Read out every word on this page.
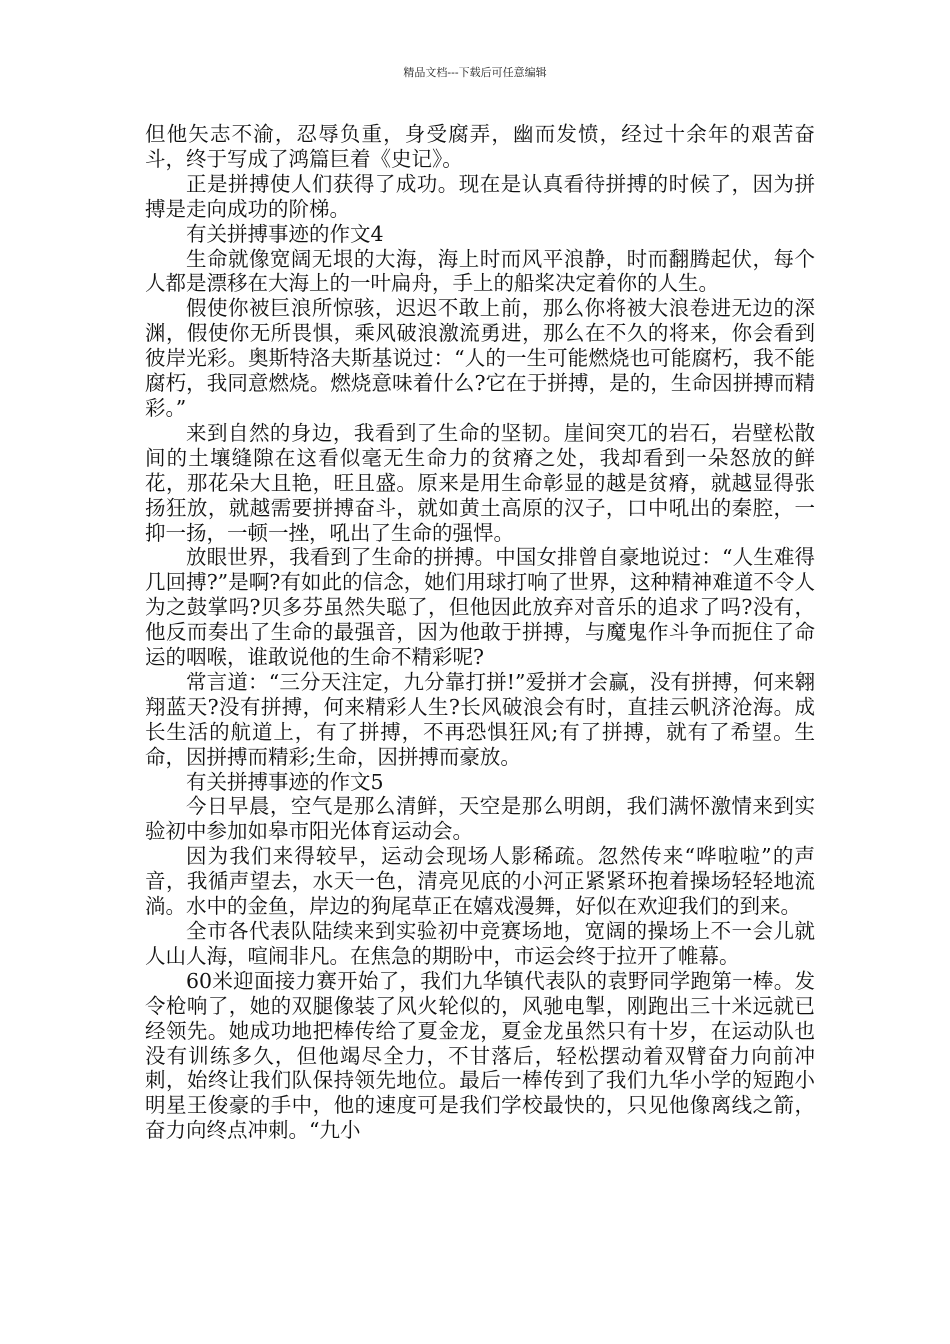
精品文档---下载后可任意编辑

但他矢志不渝，忍辱负重，身受腐弄，幽而发愤，经过十余年的艰苦奋斗，终于写成了鸿篇巨着《史记》。

正是拼搏使人们获得了成功。现在是认真看待拼搏的时候了，因为拼搏是走向成功的阶梯。

有关拼搏事迹的作文4

生命就像宽阔无垠的大海，海上时而风平浪静，时而翻腾起伏，每个人都是漂移在大海上的一叶扁舟，手上的船桨决定着你的人生。

假使你被巨浪所惊骇，迟迟不敢上前，那么你将被大浪卷进无边的深渊，假使你无所畏惧，乘风破浪激流勇进，那么在不久的将来，你会看到彼岸光彩。奥斯特洛夫斯基说过：“人的一生可能燃烧也可能腐朽，我不能腐朽，我同意燃烧。燃烧意味着什么?它在于拼搏，是的，生命因拼搏而精彩。”

来到自然的身边，我看到了生命的坚韧。崖间突兀的岩石，岩壁松散间的土壤缝隙在这看似毫无生命力的贫瘠之处，我却看到一朵怒放的鲜花，那花朵大且艳，旺且盛。原来是用生命彰显的越是贫瘠，就越显得张扬狂放，就越需要拼搏奋斗，就如黄土高原的汉子，口中吼出的秦腔，一抑一扬，一顿一挫，吼出了生命的强悍。

放眼世界，我看到了生命的拼搏。中国女排曾自豪地说过：“人生难得几回搏?”是啊?有如此的信念，她们用球打响了世界，这种精神难道不令人为之鼓掌吗?贝多芬虽然失聪了，但他因此放弃对音乐的追求了吗?没有，他反而奏出了生命的最强音，因为他敢于拼搏，与魔鬼作斗争而扼住了命运的咽喉，谁敢说他的生命不精彩呢?

常言道：“三分天注定，九分靠打拼!”爱拼才会赢，没有拼搏，何来翱翔蓝天?没有拼搏，何来精彩人生?长风破浪会有时，直挂云帆济沧海。成长生活的航道上，有了拼搏，不再恐惧狂风;有了拼搏，就有了希望。生命，因拼搏而精彩;生命，因拼搏而豪放。

有关拼搏事迹的作文5

今日早晨，空气是那么清鲜，天空是那么明朗，我们满怀激情来到实验初中参加如皋市阳光体育运动会。

因为我们来得较早，运动会现场人影稀疏。忽然传来“哗啦啦”的声音，我循声望去，水天一色，清亮见底的小河正紧紧环抱着操场轻轻地流淌。水中的金鱼，岸边的狗尾草正在嬉戏漫舞，好似在欢迎我们的到来。

全市各代表队陆续来到实验初中竞赛场地，宽阔的操场上不一会儿就人山人海，喧闹非凡。在焦急的期盼中，市运会终于拉开了帷幕。

60米迎面接力赛开始了，我们九华镇代表队的袁野同学跑第一棒。发令枪响了，她的双腿像装了风火轮似的，风驰电掣，刚跑出三十米远就已经领先。她成功地把棒传给了夏金龙，夏金龙虽然只有十岁，在运动队也没有训练多久，但他竭尽全力，不甘落后，轻松摆动着双臂奋力向前冲刺，始终让我们队保持领先地位。最后一棒传到了我们九华小学的短跑小明星王俊豪的手中，他的速度可是我们学校最快的，只见他像离线之箭，奋力向终点冲刺。“九小
